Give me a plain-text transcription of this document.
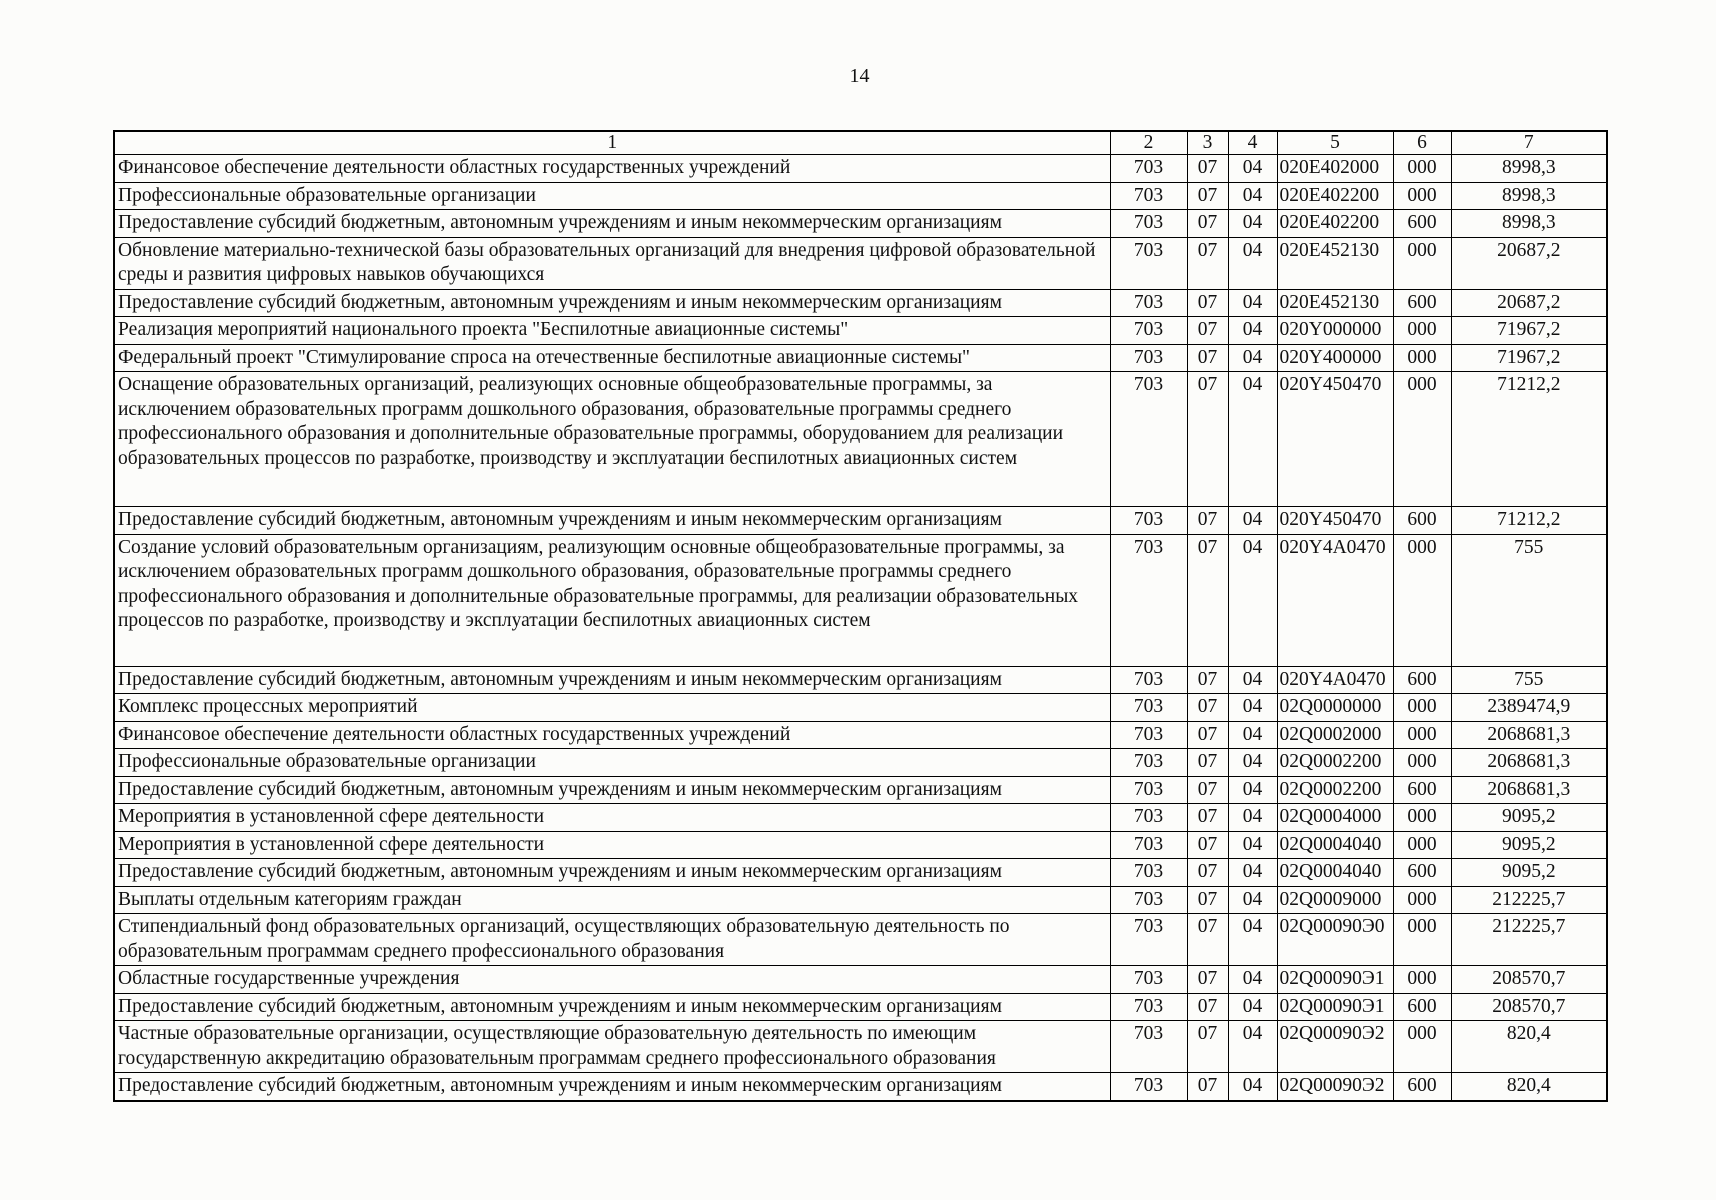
14
1	2	3	4	5	6	7
Финансовое обеспечение деятельности областных государственных учреждений	703	07	04	020E402000	000	8998,3
Профессиональные образовательные организации	703	07	04	020E402200	000	8998,3
Предоставление субсидий бюджетным, автономным учреждениям и иным некоммерческим организациям	703	07	04	020E402200	600	8998,3
Обновление материально-технической базы образовательных организаций для внедрения цифровой образовательной среды и развития цифровых навыков обучающихся	703	07	04	020E452130	000	20687,2
Предоставление субсидий бюджетным, автономным учреждениям и иным некоммерческим организациям	703	07	04	020E452130	600	20687,2
Реализация мероприятий национального проекта "Беспилотные авиационные системы"	703	07	04	020Y000000	000	71967,2
Федеральный проект "Стимулирование спроса на отечественные беспилотные авиационные системы"	703	07	04	020Y400000	000	71967,2
Оснащение образовательных организаций, реализующих основные общеобразовательные программы, за исключением образовательных программ дошкольного образования, образовательные программы среднего профессионального образования и дополнительные образовательные программы, оборудованием для реализации образовательных процессов по разработке, производству и эксплуатации беспилотных авиационных систем	703	07	04	020Y450470	000	71212,2
Предоставление субсидий бюджетным, автономным учреждениям и иным некоммерческим организациям	703	07	04	020Y450470	600	71212,2
Создание условий образовательным организациям, реализующим основные общеобразовательные программы, за исключением образовательных программ дошкольного образования, образовательные программы среднего профессионального образования и дополнительные образовательные программы, для реализации образовательных процессов по разработке, производству и эксплуатации беспилотных авиационных систем	703	07	04	020Y4A0470	000	755
Предоставление субсидий бюджетным, автономным учреждениям и иным некоммерческим организациям	703	07	04	020Y4A0470	600	755
Комплекс процессных мероприятий	703	07	04	02Q0000000	000	2389474,9
Финансовое обеспечение деятельности областных государственных учреждений	703	07	04	02Q0002000	000	2068681,3
Профессиональные образовательные организации	703	07	04	02Q0002200	000	2068681,3
Предоставление субсидий бюджетным, автономным учреждениям и иным некоммерческим организациям	703	07	04	02Q0002200	600	2068681,3
Мероприятия в установленной сфере деятельности	703	07	04	02Q0004000	000	9095,2
Мероприятия в установленной сфере деятельности	703	07	04	02Q0004040	000	9095,2
Предоставление субсидий бюджетным, автономным учреждениям и иным некоммерческим организациям	703	07	04	02Q0004040	600	9095,2
Выплаты отдельным категориям граждан	703	07	04	02Q0009000	000	212225,7
Стипендиальный фонд образовательных организаций, осуществляющих образовательную деятельность по образовательным программам среднего профессионального образования	703	07	04	02Q00090Э0	000	212225,7
Областные государственные учреждения	703	07	04	02Q00090Э1	000	208570,7
Предоставление субсидий бюджетным, автономным учреждениям и иным некоммерческим организациям	703	07	04	02Q00090Э1	600	208570,7
Частные образовательные организации, осуществляющие образовательную деятельность по имеющим государственную аккредитацию образовательным программам среднего профессионального образования	703	07	04	02Q00090Э2	000	820,4
Предоставление субсидий бюджетным, автономным учреждениям и иным некоммерческим организациям	703	07	04	02Q00090Э2	600	820,4
